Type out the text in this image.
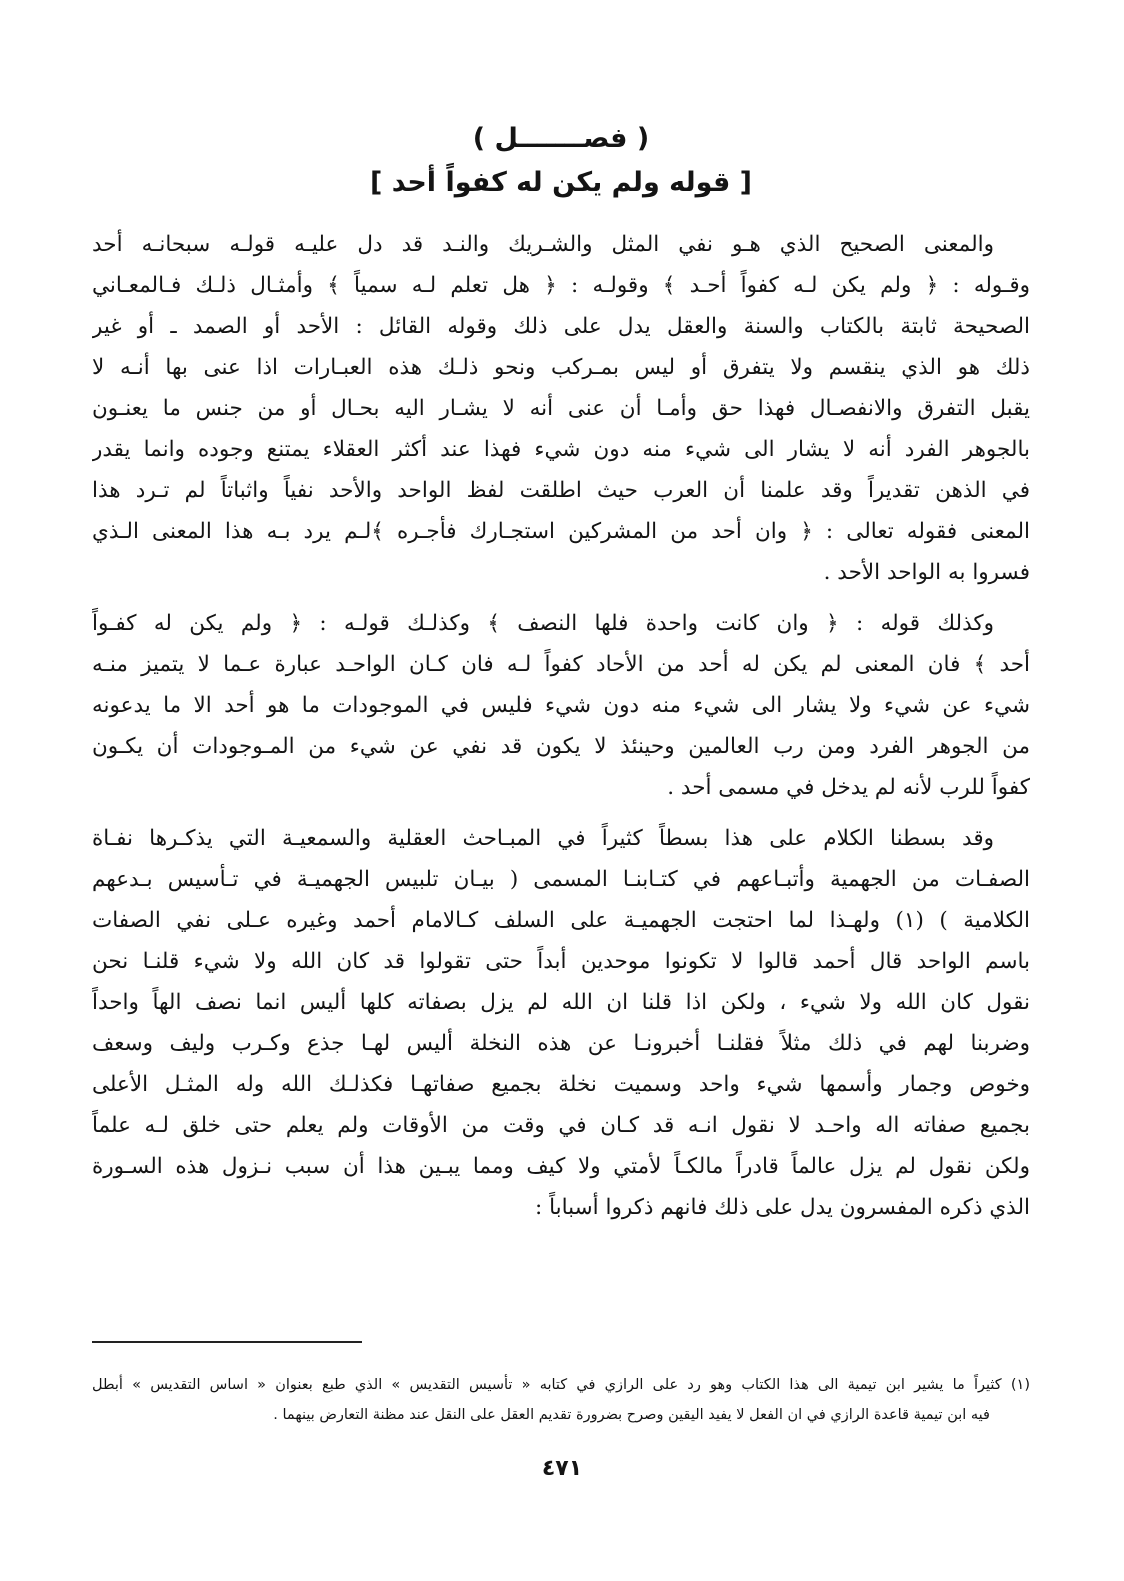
( فصـــــــل )
[ قوله ولم يكن له كفواً أحد ]
والمعنى الصحيح الذي هـو نفي المثل والشـريك والنـد قد دل عليـه قولـه سبحانـه أحد
وقـوله : ﴿ ولم يكن لـه كفواً أحـد ﴾ وقولـه : ﴿ هل تعلم لـه سمياً ﴾ وأمثـال ذلـك فـالمعـاني
الصحيحة ثابتة بالكتاب والسنة والعقل يدل على ذلك وقوله القائل : الأحد أو الصمد ـ أو غير
ذلك هو الذي ينقسم ولا يتفرق أو ليس بمـركب ونحو ذلـك هذه العبـارات اذا عنى بها أنـه لا
يقبل التفرق والانفصـال فهذا حق وأمـا أن عنى أنه لا يشـار اليه بحـال أو من جنس ما يعنـون
بالجوهر الفرد أنه لا يشار الى شيء منه دون شيء فهذا عند أكثر العقلاء يمتنع وجوده وانما يقدر
في الذهن تقديراً وقد علمنا أن العرب حيث اطلقت لفظ الواحد والأحد نفياً واثباتاً لم تـرد هذا
المعنى فقوله تعالى : ﴿ وان أحد من المشركين استجـارك فأجـره ﴾لـم يرد بـه هذا المعنى الـذي
فسروا به الواحد الأحد .
وكذلك قوله : ﴿ وان كانت واحدة فلها النصف ﴾ وكذلـك قولـه : ﴿ ولم يكن له كفـواً
أحد ﴾ فان المعنى لم يكن له أحد من الأحاد كفواً لـه فان كـان الواحـد عبارة عـما لا يتميز منـه
شيء عن شيء ولا يشار الى شيء منه دون شيء فليس في الموجودات ما هو أحد الا ما يدعونه
من الجوهر الفرد ومن رب العالمين وحينئذ لا يكون قد نفي عن شيء من المـوجودات أن يكـون
كفواً للرب لأنه لم يدخل في مسمى أحد .
وقد بسطنا الكلام على هذا بسطاً كثيراً في المبـاحث العقلية والسمعيـة التي يذكـرها نفـاة
الصفـات من الجهمية وأتبـاعهم في كتـابنـا المسمى ( بيـان تلبيس الجهميـة في تـأسيس بـدعهم
الكلامية ) (١) ولهـذا لما احتجت الجهميـة على السلف كـالامام أحمد وغيره عـلى نفي الصفات
باسم الواحد قال أحمد قالوا لا تكونوا موحدين أبداً حتى تقولوا قد كان الله ولا شيء قلنـا نحن
نقول كان الله ولا شيء ، ولكن اذا قلنا ان الله لم يزل بصفاته كلها أليس انما نصف الهاً واحداً
وضربنا لهم في ذلك مثلاً فقلنـا أخبرونـا عن هذه النخلة أليس لهـا جذع وكـرب وليف وسعف
وخوص وجمار وأسمها شيء واحد وسميت نخلة بجميع صفاتهـا فكذلـك الله وله المثـل الأعلى
بجميع صفاته اله واحـد لا نقول انـه قد كـان في وقت من الأوقات ولم يعلم حتى خلق لـه علماً
ولكن نقول لم يزل عالماً قادراً مالكـاً لأمتي ولا كيف ومما يبـين هذا أن سبب نـزول هذه السـورة
الذي ذكره المفسرون يدل على ذلك فانهم ذكروا أسباباً :
(١) كثيراً ما يشير ابن تيمية الى هذا الكتاب وهو رد على الرازي في كتابه « تأسيس التقديس » الذي طبع بعنوان « اساس التقديس » أبطل
فيه ابن تيمية قاعدة الرازي في ان الفعل لا يفيد اليقين وصرح بضرورة تقديم العقل على النقل عند مظنة التعارض بينهما .
٤٧١
